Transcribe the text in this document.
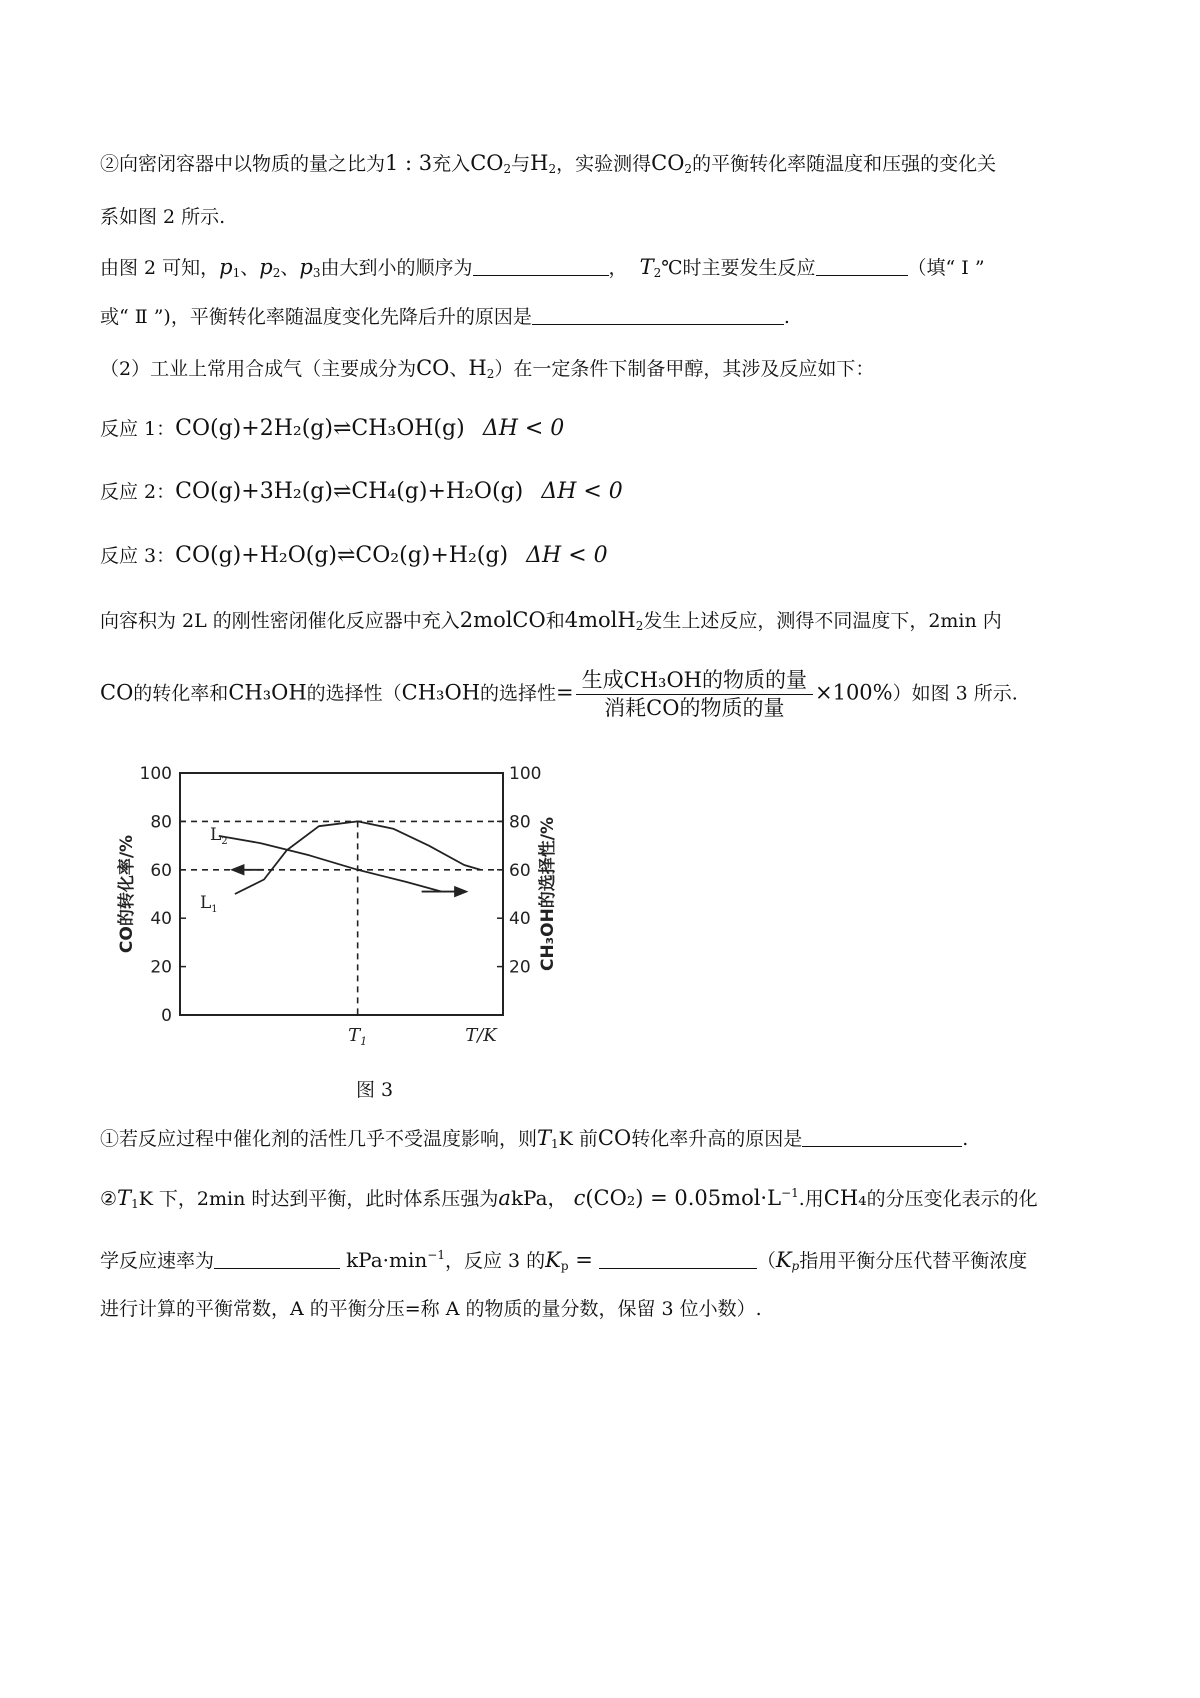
②向密闭容器中以物质的量之比为1 : 3充入$CO_2$与$H_2$，实验测得$CO_2$的平衡转化率随温度和压强的变化关
系如图 2 所示.
由图 2 可知，$p_1$、$p_2$、$p_3$由大到小的顺序为	， $T_2℃$时主要发生反应	（填“ Ⅰ ”
或“ Ⅱ ”)，平衡转化率随温度变化先降后升的原因是	.
（2）工业上常用合成气（主要成分为CO、$H_2$）在一定条件下制备甲醇，其涉及反应如下：
反应 1：CO(g)+2H₂(g)⇌CH₃OH(g) ΔH < 0
反应 2：CO(g)+3H₂(g)⇌CH₄(g)+H₂O(g) ΔH < 0
反应 3：CO(g)+H₂O(g)⇌CO₂(g)+H₂(g) ΔH < 0
向容积为 2L 的刚性密闭催化反应器中充入2molCO和4molH$_2$发生上述反应，测得不同温度下，2min 内
CO的转化率和CH₃OH的选择性（CH₃OH的选择性= $\frac{\text{生成CH₃OH的物质的量}}{\text{消耗CO的物质的量}} \times 100\%$）如图 3 所示.
0
20
40
60
80
100
20
40
60
80
100
CO的转化率/%	CH₃OH的选择性/%
$T_1$	T/K
$L_1$
$L_2$
图 3
①若反应过程中催化剂的活性几乎不受温度影响，则$T_1K$ 前CO转化率升高的原因是	.
$②T_1K$ 下，2min 时达到平衡，此时体系压强为akPa， $c(CO_2) = 0.05mol\cdot L^{-1}$.用CH₄的分压变化表示的化
学反应速率为	$kPa\cdot\min^{-1}$，反应 3 的$K_p$ =	（$K_p$指用平衡分压代替平衡浓度
进行计算的平衡常数，A 的平衡分压=称 A 的物质的量分数，保留 3 位小数）.
